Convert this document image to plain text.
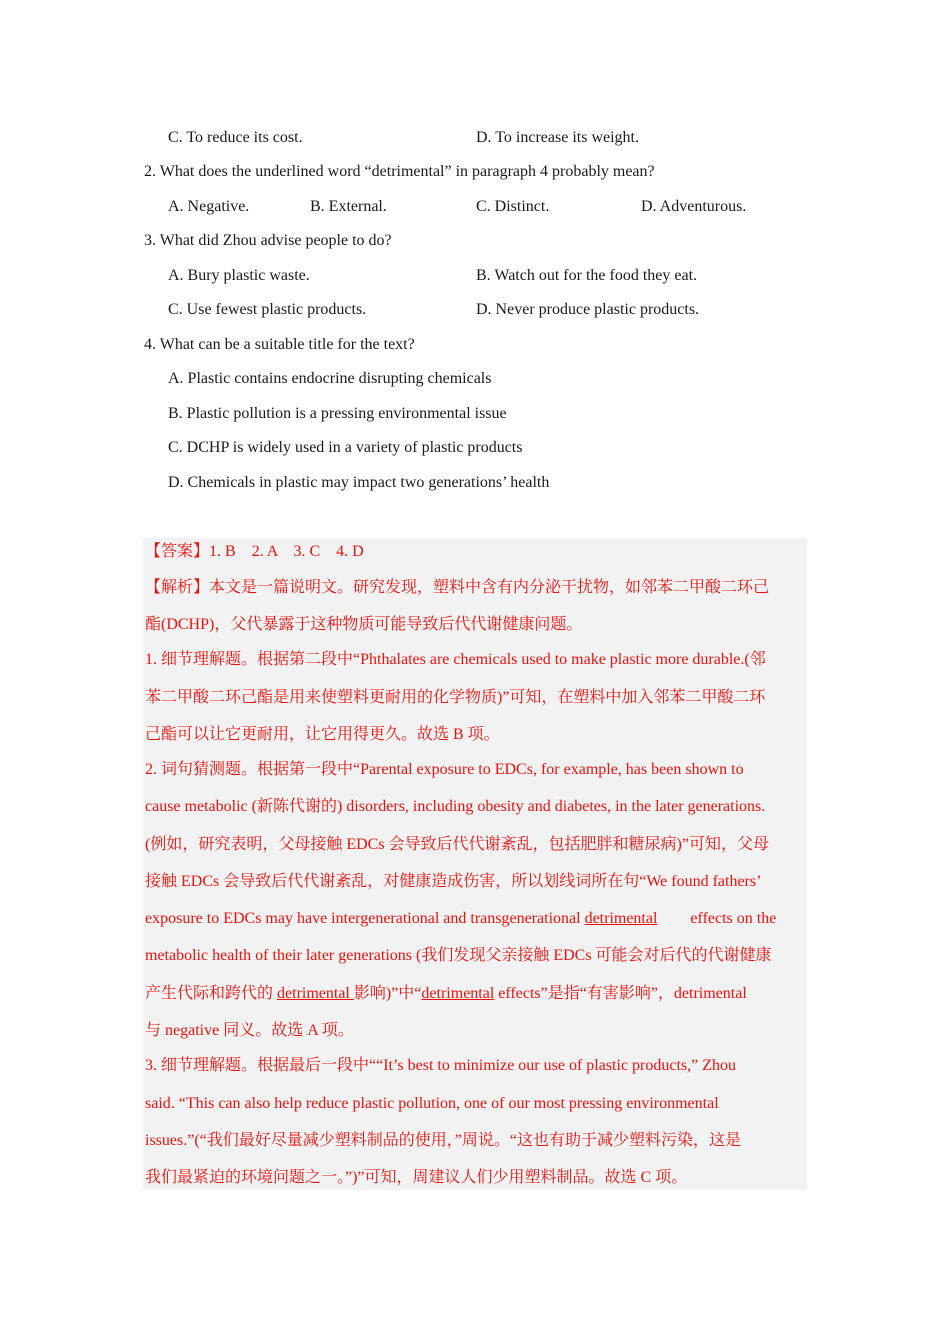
C. To reduce its cost.	D. To increase its weight.
2. What does the underlined word “detrimental” in paragraph 4 probably mean?
A. Negative.	B. External.	C. Distinct.	D. Adventurous.
3. What did Zhou advise people to do?
A. Bury plastic waste.	B. Watch out for the food they eat.
C. Use fewest plastic products.	D. Never produce plastic products.
4. What can be a suitable title for the text?
A. Plastic contains endocrine disrupting chemicals
B. Plastic pollution is a pressing environmental issue
C. DCHP is widely used in a variety of plastic products
D. Chemicals in plastic may impact two generations’ health
【答案】1. B　2. A　3. C　4. D
【解析】本文是一篇说明文。研究发现，塑料中含有内分泌干扰物，如邻苯二甲酸二环己
酯(DCHP)，父代暴露于这种物质可能导致后代代谢健康问题。
1. 细节理解题。根据第二段中“Phthalates are chemicals used to make plastic more durable.(邻
苯二甲酸二环己酯是用来使塑料更耐用的化学物质)”可知，在塑料中加入邻苯二甲酸二环
己酯可以让它更耐用，让它用得更久。故选 B 项。
2. 词句猜测题。根据第一段中“Parental exposure to EDCs, for example, has been shown to
cause metabolic (新陈代谢的) disorders, including obesity and diabetes, in the later generations.
(例如，研究表明，父母接触 EDCs 会导致后代代谢紊乱，包括肥胖和糖尿病)”可知，父母
接触 EDCs 会导致后代代谢紊乱，对健康造成伤害，所以划线词所在句“We found fathers’
exposure to EDCs may have intergenerational and transgenerational detrimental effects on the
metabolic health of their later generations (我们发现父亲接触 EDCs 可能会对后代的代谢健康
产生代际和跨代的 detrimental 影响)”中“detrimental effects”是指“有害影响”，detrimental
与 negative 同义。故选 A 项。
3. 细节理解题。根据最后一段中““It’s best to minimize our use of plastic products,” Zhou
said. “This can also help reduce plastic pollution, one of our most pressing environmental
issues.”(“我们最好尽量减少塑料制品的使用，”周说。“这也有助于减少塑料污染，这是
我们最紧迫的环境问题之一。”)”可知，周建议人们少用塑料制品。故选 C 项。
